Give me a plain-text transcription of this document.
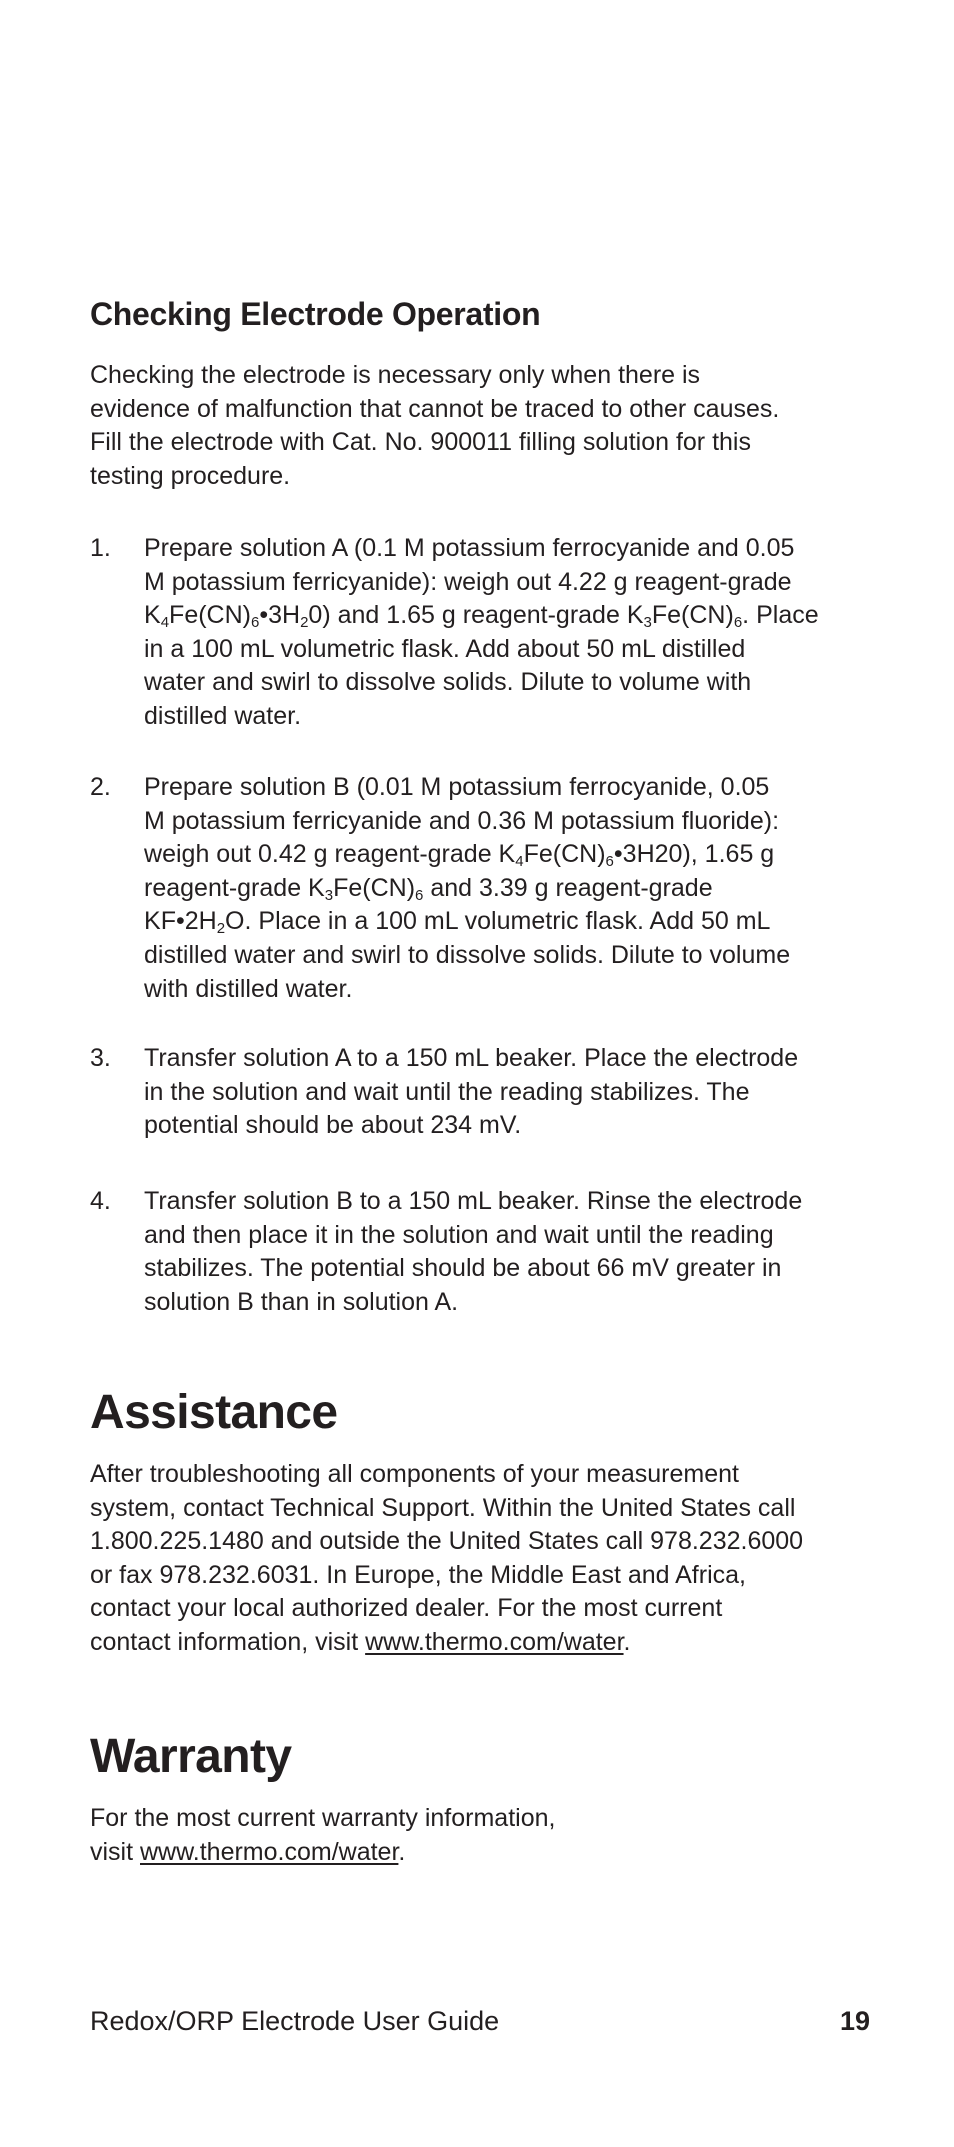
Checking Electrode Operation

Checking the electrode is necessary only when there is
evidence of malfunction that cannot be traced to other causes.
Fill the electrode with Cat. No. 900011 filling solution for this
testing procedure.

1. Prepare solution A (0.1 M potassium ferrocyanide and 0.05
M potassium ferricyanide): weigh out 4.22 g reagent-grade
$K_4Fe(CN)_6•3H_20$) and 1.65 g reagent-grade $K_3Fe(CN)_6$. Place
in a 100 mL volumetric flask. Add about 50 mL distilled
water and swirl to dissolve solids. Dilute to volume with
distilled water.
2. Prepare solution B (0.01 M potassium ferrocyanide, 0.05
M potassium ferricyanide and 0.36 M potassium fluoride):
weigh out 0.42 g reagent-grade $K_4Fe(CN)_6•3H20$), 1.65 g
reagent-grade $K_3Fe(CN)_6$ and 3.39 g reagent-grade
$KF•2H_2O$. Place in a 100 mL volumetric flask. Add 50 mL
distilled water and swirl to dissolve solids. Dilute to volume
with distilled water.
3. Transfer solution A to a 150 mL beaker. Place the electrode
in the solution and wait until the reading stabilizes. The
potential should be about 234 mV.
4. Transfer solution B to a 150 mL beaker. Rinse the electrode
and then place it in the solution and wait until the reading
stabilizes. The potential should be about 66 mV greater in
solution B than in solution A.
Assistance

After troubleshooting all components of your measurement
system, contact Technical Support. Within the United States call
1.800.225.1480 and outside the United States call 978.232.6000
or fax 978.232.6031. In Europe, the Middle East and Africa,
contact your local authorized dealer. For the most current
contact information, visit www.thermo.com/water.

Warranty

For the most current warranty information,
visit www.thermo.com/water.

Redox/ORP Electrode User Guide	19
